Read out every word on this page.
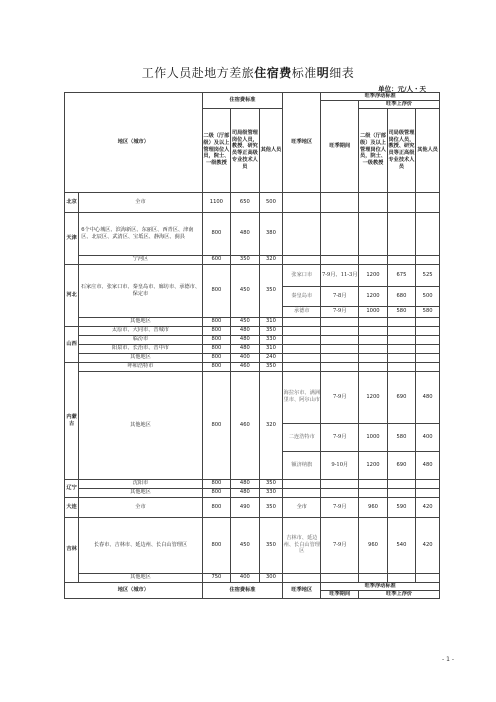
工作人员赴地方差旅住宿费标准明细表
单位：元/人・天
地区（城市）		住宿费标准			旺季地区	旺季浮动标准			
						旺季期间	旺季上浮价		
		二级（厅部级）及以上管理岗位人员，院士、一级教授	司局级管理岗位人员，教授、研究员等正高级专业技术人员	其他人员			二级（厅部级）及以上管理岗位人员，院士、一级教授	司局级管理岗位人员，教授、研究员等正高级专业技术人员	其他人员
北京	全市	1100	650	500					
天津	6个中心城区、滨海新区、东丽区、西青区、津南区、北辰区、武清区、宝坻区、静海区、蓟县	800	480	380					
	宁河区	600	350	320					
河北	石家庄市、张家口市、秦皇岛市、廊坊市、承德市、保定市	800	450	350	张家口市	7-9月、11-3月	1200	675	525
					秦皇岛市	7-8月	1200	680	500
					承德市	7-9月	1000	580	580
	其他地区	800	450	310					
山西	太原市、大同市、晋城市	800	480	350					
	临汾市	800	480	330					
	阳泉市、长治市、晋中市	800	480	310					
	其他地区	800	400	240					
内蒙古	呼和浩特市	800	460	350					
	其他地区	800	460	320	海拉尔市、满洲里市、阿尔山市	7-9月	1200	690	480
					二连浩特市	7-9月	1000	580	400
					额济纳旗	9-10月	1200	690	480
辽宁	沈阳市	800	480	350					
	其他地区	800	480	330					
大连	全市	800	490	350	全市	7-9月	960	590	420
吉林	长春市、吉林市、延边州、长白山管理区	800	450	350	吉林市、延边州、长白山管理区	7-9月	960	540	420
	其他地区	750	400	300					
地区（城市）		住宿费标准			旺季地区	旺季浮动标准			
						旺季期间	旺季上浮价		
- 1 -
